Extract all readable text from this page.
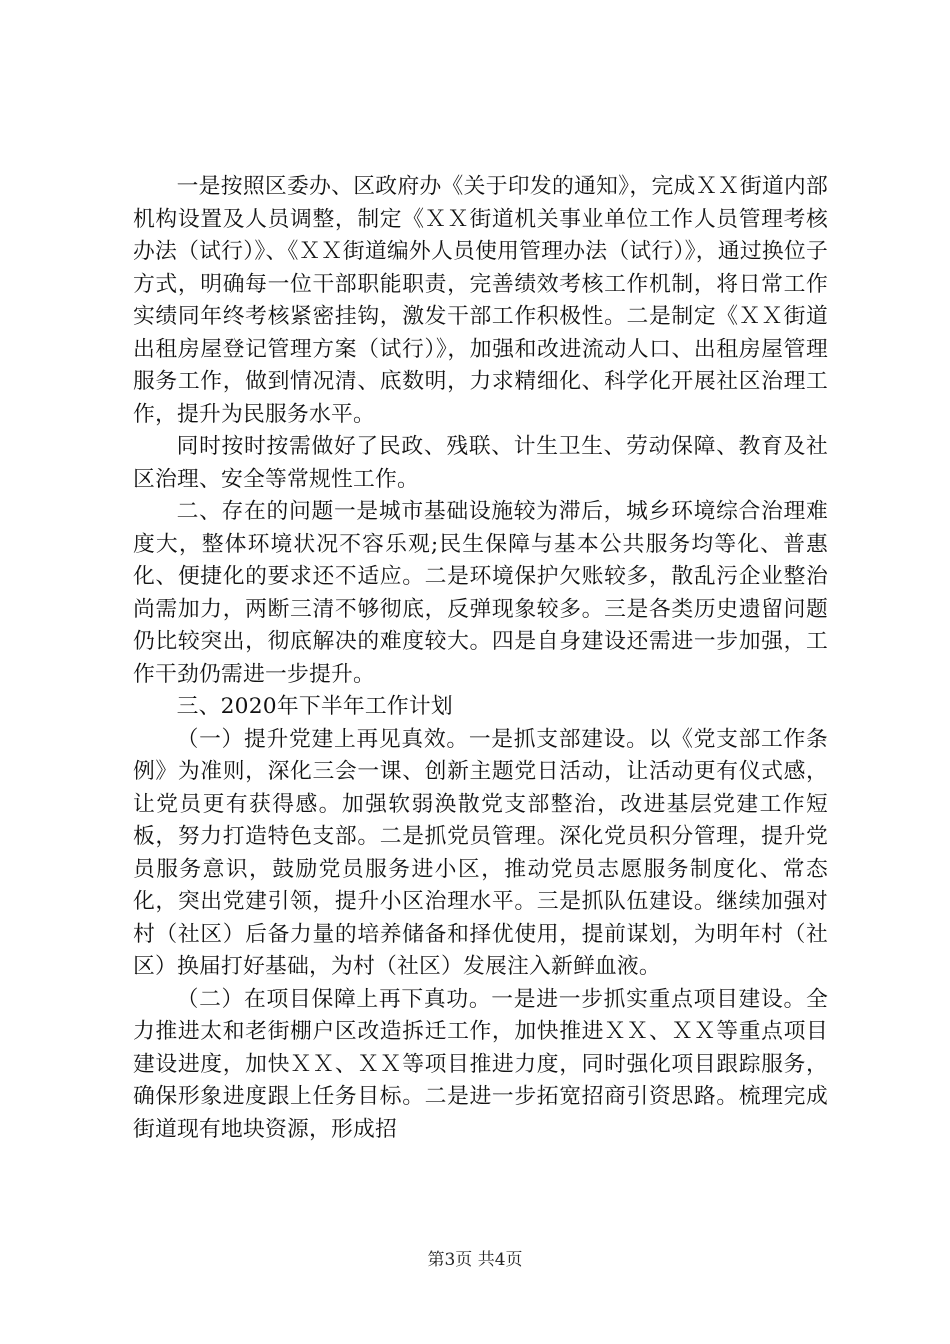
一是按照区委办、区政府办《关于印发的通知》，完成ＸＸ街道内部机构设置及人员调整，制定《ＸＸ街道机关事业单位工作人员管理考核办法（试行）》、《ＸＸ街道编外人员使用管理办法（试行）》，通过换位子方式，明确每一位干部职能职责，完善绩效考核工作机制，将日常工作实绩同年终考核紧密挂钩，激发干部工作积极性。二是制定《ＸＸ街道出租房屋登记管理方案（试行）》，加强和改进流动人口、出租房屋管理服务工作，做到情况清、底数明，力求精细化、科学化开展社区治理工作，提升为民服务水平。

同时按时按需做好了民政、残联、计生卫生、劳动保障、教育及社区治理、安全等常规性工作。

二、存在的问题一是城市基础设施较为滞后，城乡环境综合治理难度大，整体环境状况不容乐观;民生保障与基本公共服务均等化、普惠化、便捷化的要求还不适应。二是环境保护欠账较多，散乱污企业整治尚需加力，两断三清不够彻底，反弹现象较多。三是各类历史遗留问题仍比较突出，彻底解决的难度较大。四是自身建设还需进一步加强，工作干劲仍需进一步提升。

三、2020年下半年工作计划

（一）提升党建上再见真效。一是抓支部建设。以《党支部工作条例》为准则，深化三会一课、创新主题党日活动，让活动更有仪式感，让党员更有获得感。加强软弱涣散党支部整治，改进基层党建工作短板，努力打造特色支部。二是抓党员管理。深化党员积分管理，提升党员服务意识，鼓励党员服务进小区，推动党员志愿服务制度化、常态化，突出党建引领，提升小区治理水平。三是抓队伍建设。继续加强对村（社区）后备力量的培养储备和择优使用，提前谋划，为明年村（社区）换届打好基础，为村（社区）发展注入新鲜血液。

（二）在项目保障上再下真功。一是进一步抓实重点项目建设。全力推进太和老街棚户区改造拆迁工作，加快推进ＸＸ、ＸＸ等重点项目建设进度，加快ＸＸ、ＸＸ等项目推进力度，同时强化项目跟踪服务，确保形象进度跟上任务目标。二是进一步拓宽招商引资思路。梳理完成街道现有地块资源，形成招

第3页 共4页
